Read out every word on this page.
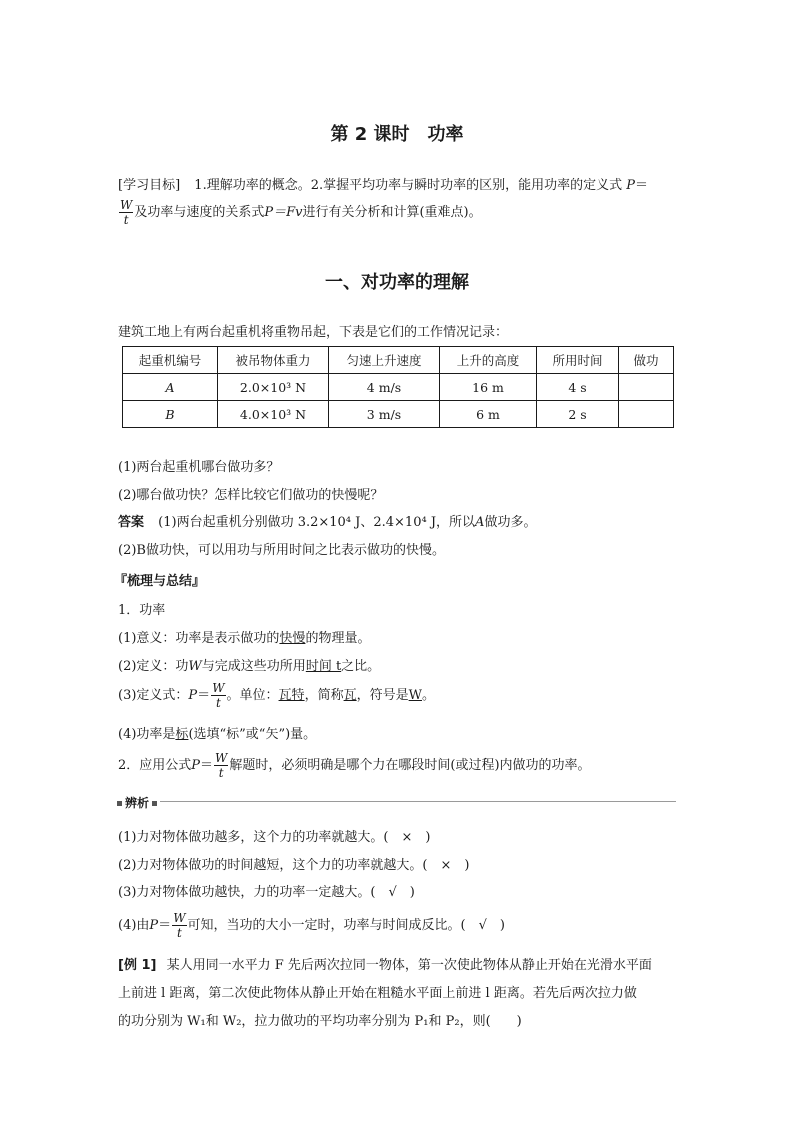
第 2 课时　功率
[学习目标] 1.理解功率的概念。2.掌握平均功率与瞬时功率的区别，能用功率的定义式 P＝
$\frac{W}{t}$ 及功率与速度的关系式P＝Fv进行有关分析和计算(重难点)。
一、对功率的理解
建筑工地上有两台起重机将重物吊起，下表是它们的工作情况记录：
起重机编号	被吊物体重力	匀速上升速度	上升的高度	所用时间	做功
A	2.0×10³ N	4 m/s	16 m	4 s	
B	4.0×10³ N	3 m/s	6 m	2 s	
(1)两台起重机哪台做功多？
(2)哪台做功快？怎样比较它们做功的快慢呢？
答案 (1)两台起重机分别做功 3.2×10⁴ J、2.4×10⁴ J，所以A做功多。
(2)B做功快，可以用功与所用时间之比表示做功的快慢。
『梳理与总结』
1．功率
(1)意义：功率是表示做功的快慢的物理量。
(2)定义：功W与完成这些功所用时间 t之比。
(3)定义式：$P= \frac{W}{t}$ 。单位：瓦特，简称瓦，符号是W。
(4)功率是标(选填“标”或“矢”)量。
2．应用公式$P= \frac{W}{t}$ 解题时，必须明确是哪个力在哪段时间(或过程)内做功的功率。
辨析
(1)力对物体做功越多，这个力的功率就越大。(　×　)
(2)力对物体做功的时间越短，这个力的功率就越大。(　×　)
(3)力对物体做功越快，力的功率一定越大。(　√　)
(4)由$P= \frac{W}{t}$ 可知，当功的大小一定时，功率与时间成反比。(　√　)
[例 1] 某人用同一水平力 F 先后两次拉同一物体，第一次使此物体从静止开始在光滑水平面
上前进 l 距离，第二次使此物体从静止开始在粗糙水平面上前进 l 距离。若先后两次拉力做
的功分别为 W₁和 W₂，拉力做功的平均功率分别为 P₁和 P₂，则(　　)
